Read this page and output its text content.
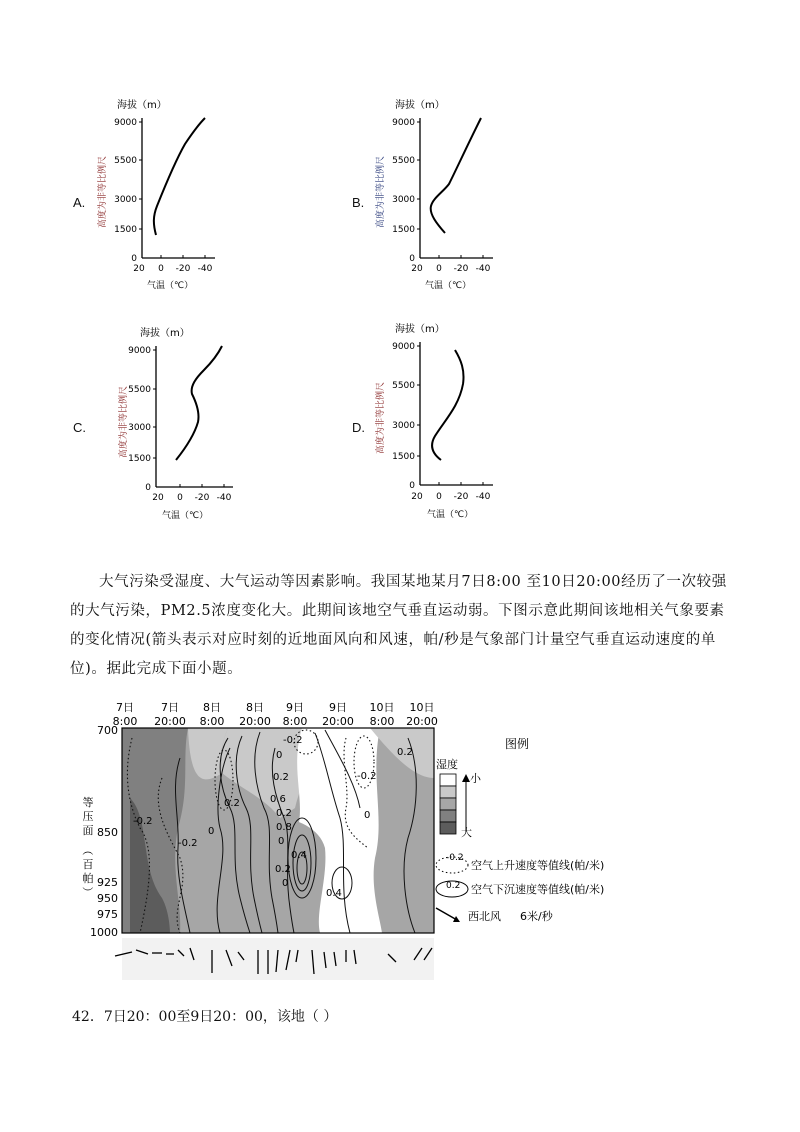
A.
海拔（m）
9000
5500
3000
1500
0
20 0 -20 -40
气温（℃）
高度为非等比例尺	B.
海拔（m）
9000
5500
3000
1500
0
20 0 -20 -40
气温（℃）
高度为非等比例尺
C.
海拔（m）
9000
5500
3000
1500
0
20 0 -20 -40
气温（℃）
高度为非等比例尺	D.
海拔（m）
9000
5500
3000
1500
0
20 0 -20 -40
气温（℃）
高度为非等比例尺
大气污染受湿度、大气运动等因素影响。我国某地某月7日8:00 至10日20:00经历了一次较强的大气污染，PM2.5浓度变化大。此期间该地空气垂直运动弱。下图示意此期间该地相关气象要素的变化情况(箭头表示对应时刻的近地面风向和风速，帕/秒是气象部门计量空气垂直运动速度的单位)。据此完成下面小题。
7日
8:00
7日
20:00
8日
8:00
8日
20:00
9日
8:00
9日
20:00
10日
8:00
10日
20:00
700
850
925
950
975
1000
等
压
面
（
百
帕
）
-0.2
0
0.2
0.4
0.6
0.8
0.2
0
-0.2
-0.2
0.2
0
0.2
0.4
0
-0.2
0.2
0
图例
湿度
小
大
-0.2
空气上升速度等值线(帕/米)
0.2 空气下沉速度等值线(帕/米)
西北风 6米/秒
42．7日20：00至9日20：00，该地（ ）
